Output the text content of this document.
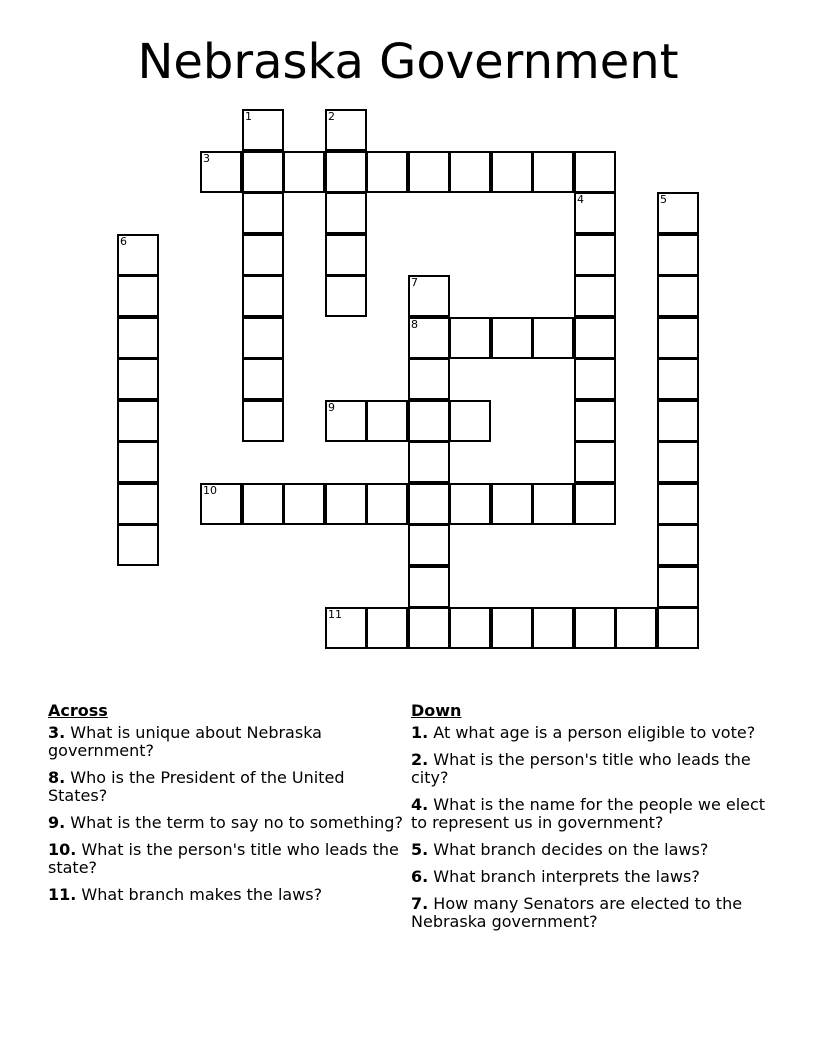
Nebraska Government
1	2
3
4	5
6
7
8
9
10
11
Across
3. What is unique about Nebraska government?
8. Who is the President of the United States?
9. What is the term to say no to something?
10. What is the person's title who leads the state?
11. What branch makes the laws?
Down
1. At what age is a person eligible to vote?
2. What is the person's title who leads the city?
4. What is the name for the people we elect to represent us in government?
5. What branch decides on the laws?
6. What branch interprets the laws?
7. How many Senators are elected to the Nebraska government?
